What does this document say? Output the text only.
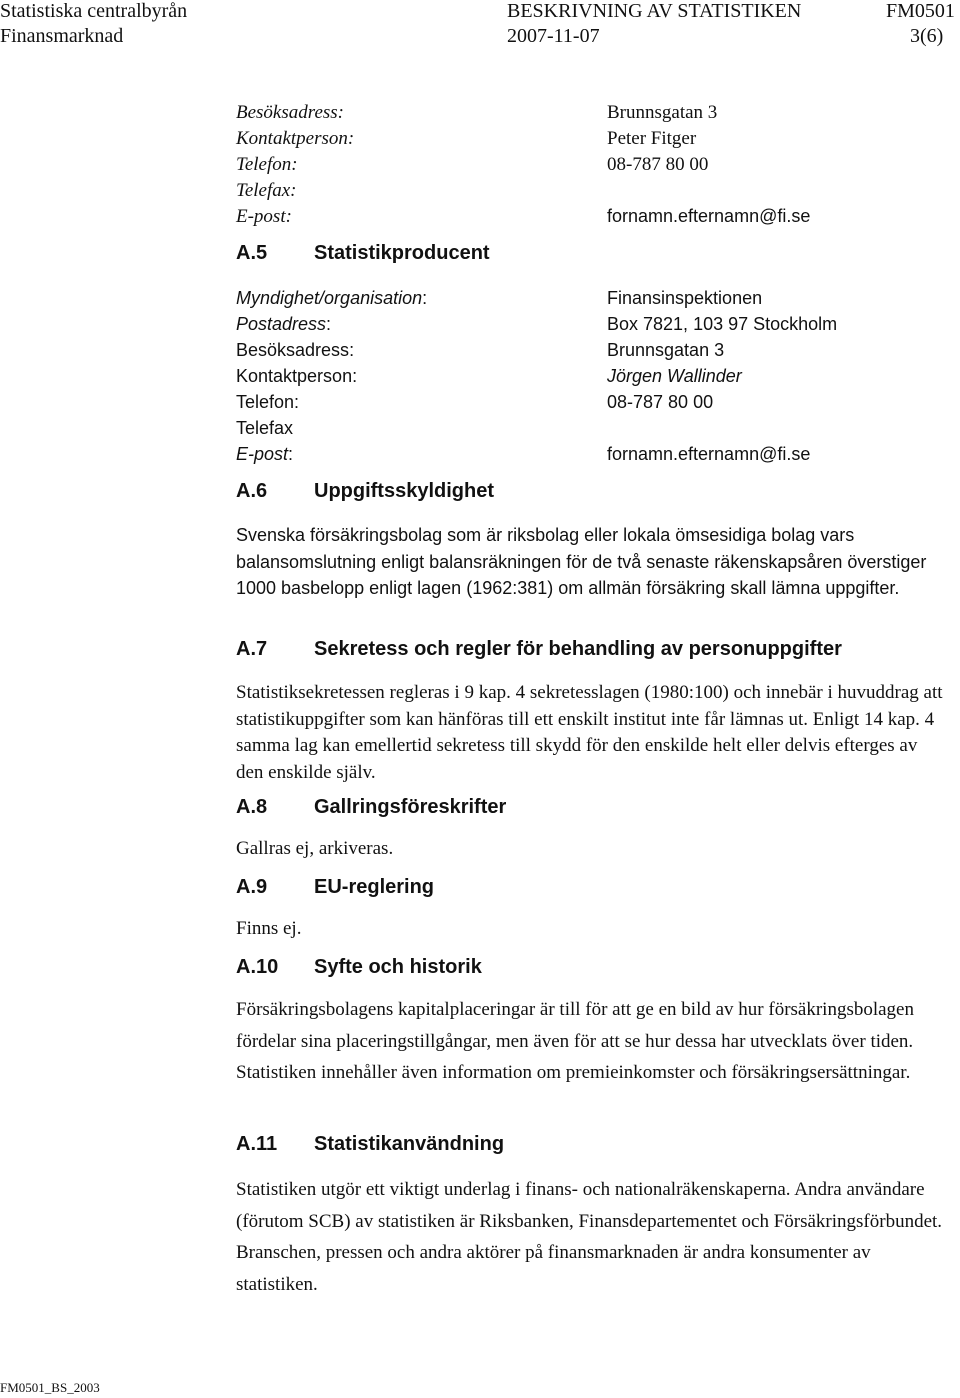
Statistiska centralbyrån	BESKRIVNING AV STATISTIKEN	FM0501
Finansmarknad	2007-11-07	3(6)
Besöksadress:	Brunnsgatan 3
Kontaktperson:	Peter Fitger
Telefon:	08-787 80 00
Telefax:
E-post:	fornamn.efternamn@fi.se
A.5 Statistikproducent
Myndighet/organisation:	Finansinspektionen
Postadress:	Box 7821, 103 97 Stockholm
Besöksadress:	Brunnsgatan 3
Kontaktperson:	Jörgen Wallinder
Telefon:	08-787 80 00
Telefax
E-post:	fornamn.efternamn@fi.se
A.6 Uppgiftsskyldighet
Svenska försäkringsbolag som är riksbolag eller lokala ömsesidiga bolag vars balansomslutning enligt balansräkningen för de två senaste räkenskapsåren överstiger 1000 basbelopp enligt lagen (1962:381) om allmän försäkring skall lämna uppgifter.
A.7 Sekretess och regler för behandling av personuppgifter
Statistiksekretessen regleras i 9 kap. 4 sekretesslagen (1980:100) och innebär i huvuddrag att statistikuppgifter som kan hänföras till ett enskilt institut inte får lämnas ut. Enligt 14 kap. 4 samma lag kan emellertid sekretess till skydd för den enskilde helt eller delvis efterges av den enskilde själv.
A.8 Gallringsföreskrifter
Gallras ej, arkiveras.
A.9 EU-reglering
Finns ej.
A.10 Syfte och historik
Försäkringsbolagens kapitalplaceringar är till för att ge en bild av hur försäkringsbolagen fördelar sina placeringstillgångar, men även för att se hur dessa har utvecklats över tiden. Statistiken innehåller även information om premieinkomster och försäkringsersättningar.
A.11 Statistikanvändning
Statistiken utgör ett viktigt underlag i finans- och nationalräkenskaperna. Andra användare (förutom SCB) av statistiken är Riksbanken, Finansdepartementet och Försäkringsförbundet. Branschen, pressen och andra aktörer på finansmarknaden är andra konsumenter av statistiken.
FM0501_BS_2003
